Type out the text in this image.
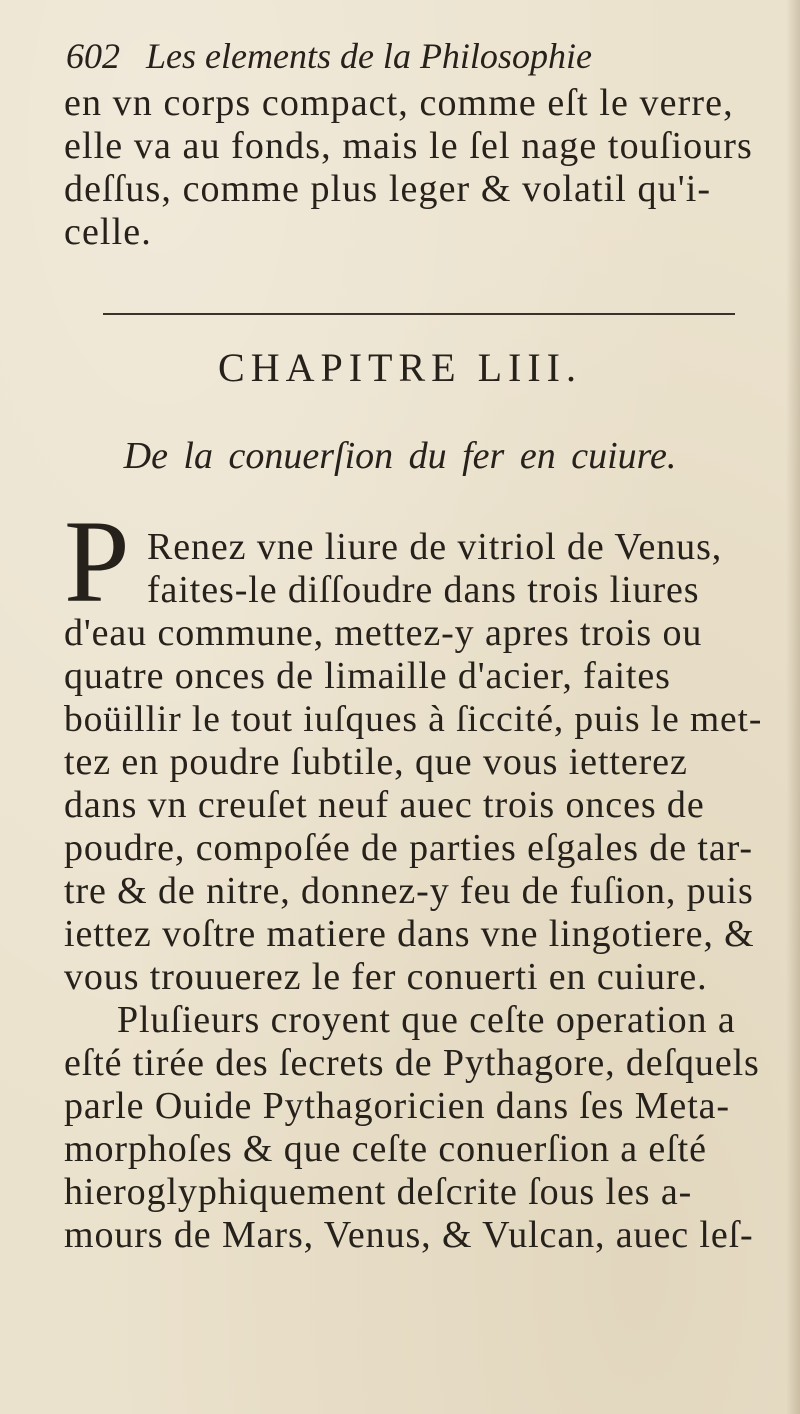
602 Les elements de la Philosophie
en vn corps compact, comme eſt le verre,
elle va au fonds, mais le ſel nage touſiours
deſſus, comme plus leger & volatil qu'i-
celle.
CHAPITRE LIII.
De la conuerſion du fer en cuiure.
P Renez vne liure de vitriol de Venus,
faites-le diſſoudre dans trois liures
d'eau commune, mettez-y apres trois ou
quatre onces de limaille d'acier, faites
boüillir le tout iuſques à ſiccité, puis le met-
tez en poudre ſubtile, que vous ietterez
dans vn creuſet neuf auec trois onces de
poudre, compoſée de parties eſgales de tar-
tre & de nitre, donnez-y feu de fuſion, puis
iettez voſtre matiere dans vne lingotiere, &
vous trouuerez le fer conuerti en cuiure.
Pluſieurs croyent que ceſte operation a
eſté tirée des ſecrets de Pythagore, deſquels
parle Ouide Pythagoricien dans ſes Meta-
morphoſes & que ceſte conuerſion a eſté
hieroglyphiquement deſcrite ſous les a-
mours de Mars, Venus, & Vulcan, auec leſ-
